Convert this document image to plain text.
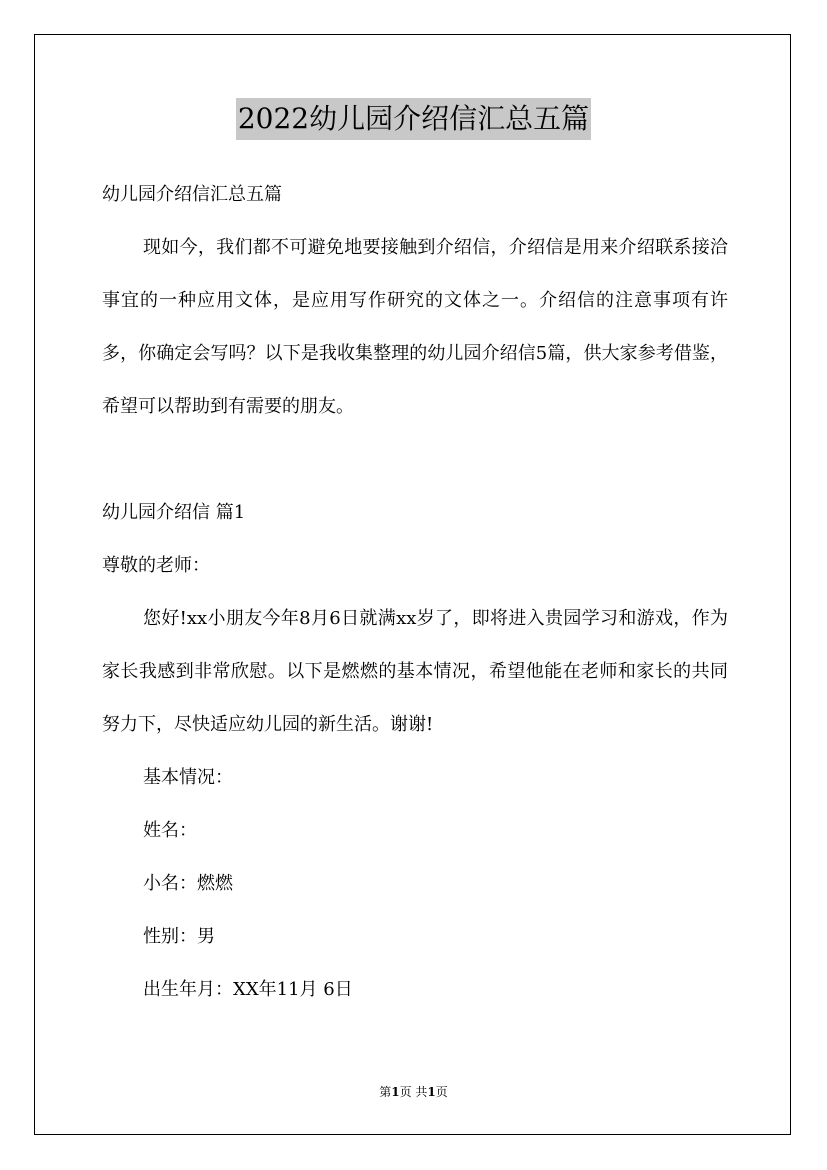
2022幼儿园介绍信汇总五篇
幼儿园介绍信汇总五篇
现如今，我们都不可避免地要接触到介绍信，介绍信是用来介绍联系接洽事宜的一种应用文体，是应用写作研究的文体之一。介绍信的注意事项有许多，你确定会写吗？以下是我收集整理的幼儿园介绍信5篇，供大家参考借鉴，希望可以帮助到有需要的朋友。
幼儿园介绍信 篇1
尊敬的老师：
您好!xx小朋友今年8月6日就满xx岁了，即将进入贵园学习和游戏，作为家长我感到非常欣慰。以下是燃燃的基本情况，希望他能在老师和家长的共同努力下，尽快适应幼儿园的新生活。谢谢!
基本情况：
姓名：
小名：燃燃
性别：男
出生年月：XX年11月 6日
第1页 共1页
